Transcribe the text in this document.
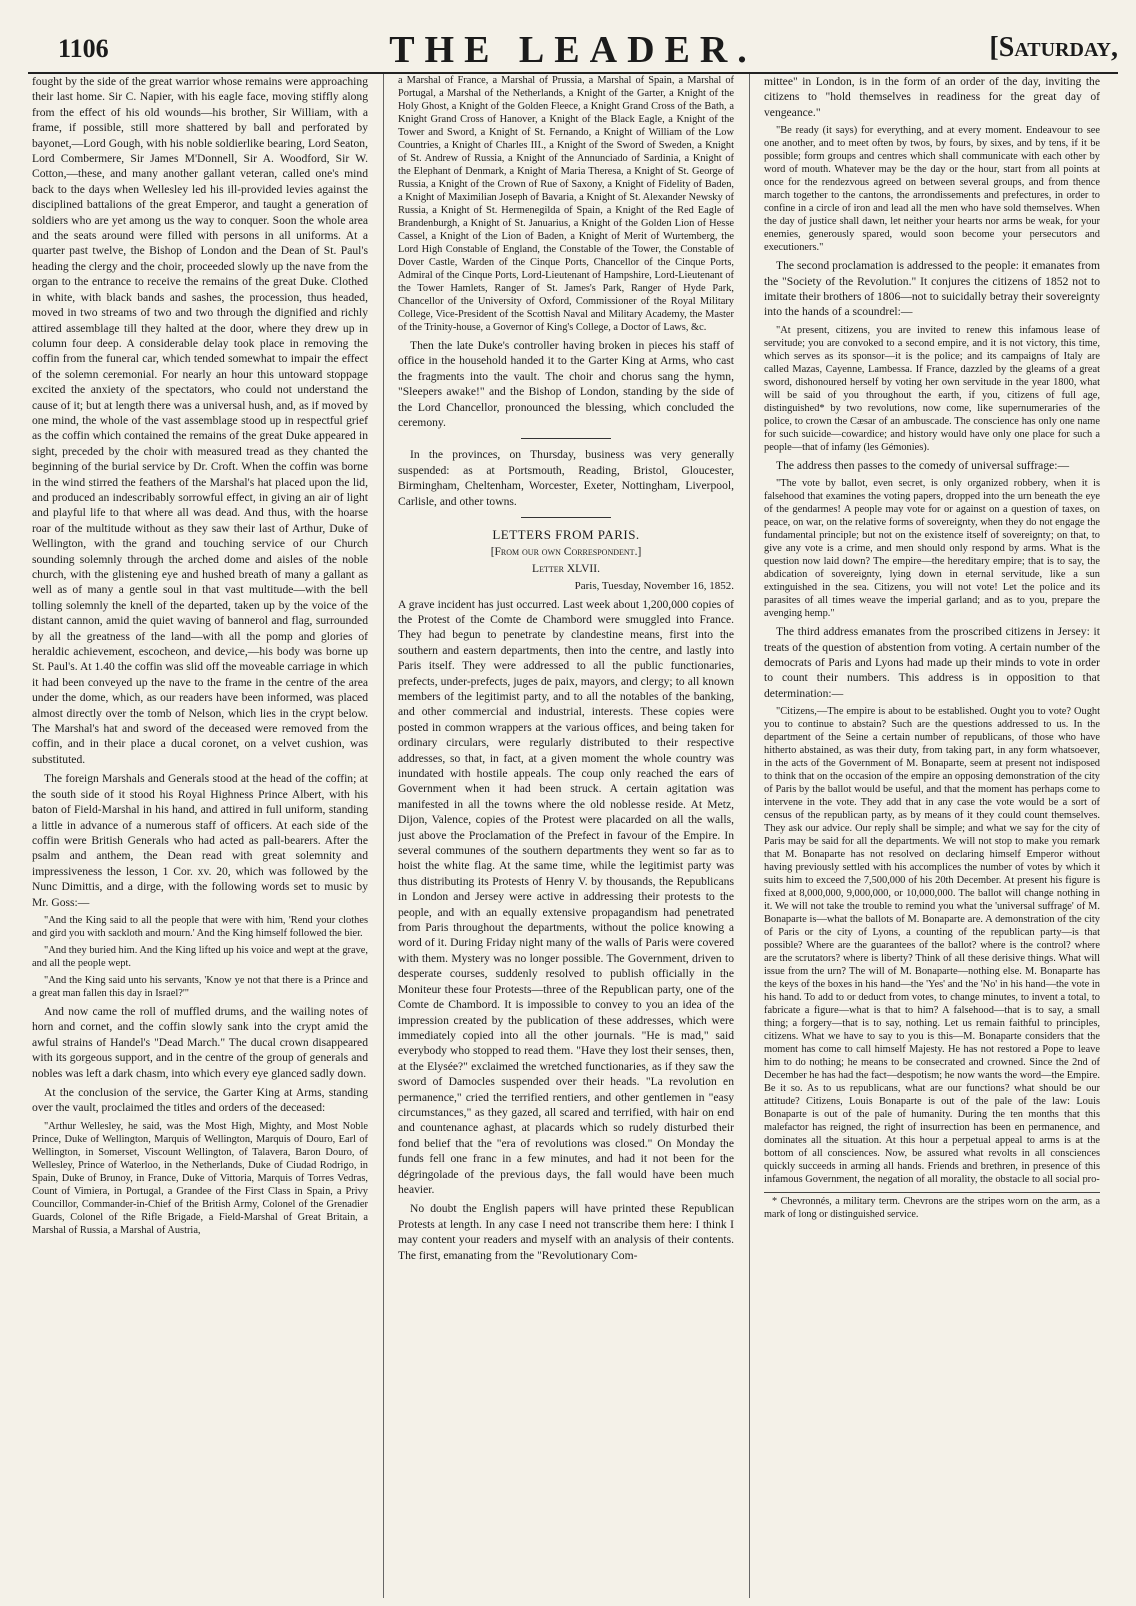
1106	THE LEADER.	[Saturday,

fought by the side of the great warrior whose remains were approaching their last home. Sir C. Napier, with his eagle face, moving stiffly along from the effect of his old wounds—his brother, Sir William, with a frame, if possible, still more shattered by ball and perforated by bayonet,—Lord Gough, with his noble soldierlike bearing, Lord Seaton, Lord Combermere, Sir James M'Donnell, Sir A. Woodford, Sir W. Cotton,—these, and many another gallant veteran, called one's mind back to the days when Wellesley led his ill-provided levies against the disciplined battalions of the great Emperor, and taught a generation of soldiers who are yet among us the way to conquer. Soon the whole area and the seats around were filled with persons in all uniforms. At a quarter past twelve, the Bishop of London and the Dean of St. Paul's heading the clergy and the choir, proceeded slowly up the nave from the organ to the entrance to receive the remains of the great Duke. Clothed in white, with black bands and sashes, the procession, thus headed, moved in two streams of two and two through the dignified and richly attired assemblage till they halted at the door, where they drew up in column four deep. A considerable delay took place in removing the coffin from the funeral car, which tended somewhat to impair the effect of the solemn ceremonial. For nearly an hour this untoward stoppage excited the anxiety of the spectators, who could not understand the cause of it; but at length there was a universal hush, and, as if moved by one mind, the whole of the vast assemblage stood up in respectful grief as the coffin which contained the remains of the great Duke appeared in sight, preceded by the choir with measured tread as they chanted the beginning of the burial service by Dr. Croft. When the coffin was borne in the wind stirred the feathers of the Marshal's hat placed upon the lid, and produced an indescribably sorrowful effect, in giving an air of light and playful life to that where all was dead. And thus, with the hoarse roar of the multitude without as they saw their last of Arthur, Duke of Wellington, with the grand and touching service of our Church sounding solemnly through the arched dome and aisles of the noble church, with the glistening eye and hushed breath of many a gallant as well as of many a gentle soul in that vast multitude—with the bell tolling solemnly the knell of the departed, taken up by the voice of the distant cannon, amid the quiet waving of bannerol and flag, surrounded by all the greatness of the land—with all the pomp and glories of heraldic achievement, escocheon, and device,—his body was borne up St. Paul's. At 1.40 the coffin was slid off the moveable carriage in which it had been conveyed up the nave to the frame in the centre of the area under the dome, which, as our readers have been informed, was placed almost directly over the tomb of Nelson, which lies in the crypt below. The Marshal's hat and sword of the deceased were removed from the coffin, and in their place a ducal coronet, on a velvet cushion, was substituted.

The foreign Marshals and Generals stood at the head of the coffin; at the south side of it stood his Royal Highness Prince Albert, with his baton of Field-Marshal in his hand, and attired in full uniform, standing a little in advance of a numerous staff of officers. At each side of the coffin were British Generals who had acted as pall-bearers. After the psalm and anthem, the Dean read with great solemnity and impressiveness the lesson, 1 Cor. xv. 20, which was followed by the Nunc Dimittis, and a dirge, with the following words set to music by Mr. Goss:—

"And the King said to all the people that were with him, 'Rend your clothes and gird you with sackloth and mourn.' And the King himself followed the bier.

"And they buried him. And the King lifted up his voice and wept at the grave, and all the people wept.

"And the King said unto his servants, 'Know ye not that there is a Prince and a great man fallen this day in Israel?'"

And now came the roll of muffled drums, and the wailing notes of horn and cornet, and the coffin slowly sank into the crypt amid the awful strains of Handel's "Dead March." The ducal crown disappeared with its gorgeous support, and in the centre of the group of generals and nobles was left a dark chasm, into which every eye glanced sadly down.

At the conclusion of the service, the Garter King at Arms, standing over the vault, proclaimed the titles and orders of the deceased:

"Arthur Wellesley, he said, was the Most High, Mighty, and Most Noble Prince, Duke of Wellington, Marquis of Wellington, Marquis of Douro, Earl of Wellington, in Somerset, Viscount Wellington, of Talavera, Baron Douro, of Wellesley, Prince of Waterloo, in the Netherlands, Duke of Ciudad Rodrigo, in Spain, Duke of Brunoy, in France, Duke of Vittoria, Marquis of Torres Vedras, Count of Vimiera, in Portugal, a Grandee of the First Class in Spain, a Privy Councillor, Commander-in-Chief of the British Army, Colonel of the Grenadier Guards, Colonel of the Rifle Brigade, a Field-Marshal of Great Britain, a Marshal of Russia, a Marshal of Austria,

a Marshal of France, a Marshal of Prussia, a Marshal of Spain, a Marshal of Portugal, a Marshal of the Netherlands, a Knight of the Garter, a Knight of the Holy Ghost, a Knight of the Golden Fleece, a Knight Grand Cross of the Bath, a Knight Grand Cross of Hanover, a Knight of the Black Eagle, a Knight of the Tower and Sword, a Knight of St. Fernando, a Knight of William of the Low Countries, a Knight of Charles III., a Knight of the Sword of Sweden, a Knight of St. Andrew of Russia, a Knight of the Annunciado of Sardinia, a Knight of the Elephant of Denmark, a Knight of Maria Theresa, a Knight of St. George of Russia, a Knight of the Crown of Rue of Saxony, a Knight of Fidelity of Baden, a Knight of Maximilian Joseph of Bavaria, a Knight of St. Alexander Newsky of Russia, a Knight of St. Hermenegilda of Spain, a Knight of the Red Eagle of Brandenburgh, a Knight of St. Januarius, a Knight of the Golden Lion of Hesse Cassel, a Knight of the Lion of Baden, a Knight of Merit of Wurtemberg, the Lord High Constable of England, the Constable of the Tower, the Constable of Dover Castle, Warden of the Cinque Ports, Chancellor of the Cinque Ports, Admiral of the Cinque Ports, Lord-Lieutenant of Hampshire, Lord-Lieutenant of the Tower Hamlets, Ranger of St. James's Park, Ranger of Hyde Park, Chancellor of the University of Oxford, Commissioner of the Royal Military College, Vice-President of the Scottish Naval and Military Academy, the Master of the Trinity-house, a Governor of King's College, a Doctor of Laws, &c.

Then the late Duke's controller having broken in pieces his staff of office in the household handed it to the Garter King at Arms, who cast the fragments into the vault. The choir and chorus sang the hymn, "Sleepers awake!" and the Bishop of London, standing by the side of the Lord Chancellor, pronounced the blessing, which concluded the ceremony.

In the provinces, on Thursday, business was very generally suspended: as at Portsmouth, Reading, Bristol, Gloucester, Birmingham, Cheltenham, Worcester, Exeter, Nottingham, Liverpool, Carlisle, and other towns.

LETTERS FROM PARIS.
[From our own Correspondent.]
Letter XLVII.
Paris, Tuesday, November 16, 1852.

A grave incident has just occurred. Last week about 1,200,000 copies of the Protest of the Comte de Chambord were smuggled into France. They had begun to penetrate by clandestine means, first into the southern and eastern departments, then into the centre, and lastly into Paris itself. They were addressed to all the public functionaries, prefects, under-prefects, juges de paix, mayors, and clergy; to all known members of the legitimist party, and to all the notables of the banking, and other commercial and industrial, interests. These copies were posted in common wrappers at the various offices, and being taken for ordinary circulars, were regularly distributed to their respective addresses, so that, in fact, at a given moment the whole country was inundated with hostile appeals. The coup only reached the ears of Government when it had been struck. A certain agitation was manifested in all the towns where the old noblesse reside. At Metz, Dijon, Valence, copies of the Protest were placarded on all the walls, just above the Proclamation of the Prefect in favour of the Empire. In several communes of the southern departments they went so far as to hoist the white flag. At the same time, while the legitimist party was thus distributing its Protests of Henry V. by thousands, the Republicans in London and Jersey were active in addressing their protests to the people, and with an equally extensive propagandism had penetrated from Paris throughout the departments, without the police knowing a word of it. During Friday night many of the walls of Paris were covered with them. Mystery was no longer possible. The Government, driven to desperate courses, suddenly resolved to publish officially in the Moniteur these four Protests—three of the Republican party, one of the Comte de Chambord. It is impossible to convey to you an idea of the impression created by the publication of these addresses, which were immediately copied into all the other journals. "He is mad," said everybody who stopped to read them. "Have they lost their senses, then, at the Elysée?" exclaimed the wretched functionaries, as if they saw the sword of Damocles suspended over their heads. "La revolution en permanence," cried the terrified rentiers, and other gentlemen in "easy circumstances," as they gazed, all scared and terrified, with hair on end and countenance aghast, at placards which so rudely disturbed their fond belief that the "era of revolutions was closed." On Monday the funds fell one franc in a few minutes, and had it not been for the dégringolade of the previous days, the fall would have been much heavier.

No doubt the English papers will have printed these Republican Protests at length. In any case I need not transcribe them here: I think I may content your readers and myself with an analysis of their contents. The first, emanating from the "Revolutionary Com-

mittee" in London, is in the form of an order of the day, inviting the citizens to "hold themselves in readiness for the great day of vengeance."

"Be ready (it says) for everything, and at every moment. Endeavour to see one another, and to meet often by twos, by fours, by sixes, and by tens, if it be possible; form groups and centres which shall communicate with each other by word of mouth. Whatever may be the day or the hour, start from all points at once for the rendezvous agreed on between several groups, and from thence march together to the cantons, the arrondissements and prefectures, in order to confine in a circle of iron and lead all the men who have sold themselves. When the day of justice shall dawn, let neither your hearts nor arms be weak, for your enemies, generously spared, would soon become your persecutors and executioners."

The second proclamation is addressed to the people: it emanates from the "Society of the Revolution." It conjures the citizens of 1852 not to imitate their brothers of 1806—not to suicidally betray their sovereignty into the hands of a scoundrel:—

"At present, citizens, you are invited to renew this infamous lease of servitude; you are convoked to a second empire, and it is not victory, this time, which serves as its sponsor—it is the police; and its campaigns of Italy are called Mazas, Cayenne, Lambessa. If France, dazzled by the gleams of a great sword, dishonoured herself by voting her own servitude in the year 1800, what will be said of you throughout the earth, if you, citizens of full age, distinguished* by two revolutions, now come, like supernumeraries of the police, to crown the Cæsar of an ambuscade. The conscience has only one name for such suicide—cowardice; and history would have only one place for such a people—that of infamy (les Gémonies).

The address then passes to the comedy of universal suffrage:—

"The vote by ballot, even secret, is only organized robbery, when it is falsehood that examines the voting papers, dropped into the urn beneath the eye of the gendarmes! A people may vote for or against on a question of taxes, on peace, on war, on the relative forms of sovereignty, when they do not engage the fundamental principle; but not on the existence itself of sovereignty; on that, to give any vote is a crime, and men should only respond by arms. What is the question now laid down? The empire—the hereditary empire; that is to say, the abdication of sovereignty, lying down in eternal servitude, like a sun extinguished in the sea. Citizens, you will not vote! Let the police and its parasites of all times weave the imperial garland; and as to you, prepare the avenging hemp."

The third address emanates from the proscribed citizens in Jersey: it treats of the question of abstention from voting. A certain number of the democrats of Paris and Lyons had made up their minds to vote in order to count their numbers. This address is in opposition to that determination:—

"Citizens,—The empire is about to be established. Ought you to vote? Ought you to continue to abstain? Such are the questions addressed to us. In the department of the Seine a certain number of republicans, of those who have hitherto abstained, as was their duty, from taking part, in any form whatsoever, in the acts of the Government of M. Bonaparte, seem at present not indisposed to think that on the occasion of the empire an opposing demonstration of the city of Paris by the ballot would be useful, and that the moment has perhaps come to intervene in the vote. They add that in any case the vote would be a sort of census of the republican party, as by means of it they could count themselves. They ask our advice. Our reply shall be simple; and what we say for the city of Paris may be said for all the departments. We will not stop to make you remark that M. Bonaparte has not resolved on declaring himself Emperor without having previously settled with his accomplices the number of votes by which it suits him to exceed the 7,500,000 of his 20th December. At present his figure is fixed at 8,000,000, 9,000,000, or 10,000,000. The ballot will change nothing in it. We will not take the trouble to remind you what the 'universal suffrage' of M. Bonaparte is—what the ballots of M. Bonaparte are. A demonstration of the city of Paris or the city of Lyons, a counting of the republican party—is that possible? Where are the guarantees of the ballot? where is the control? where are the scrutators? where is liberty? Think of all these derisive things. What will issue from the urn? The will of M. Bonaparte—nothing else. M. Bonaparte has the keys of the boxes in his hand—the 'Yes' and the 'No' in his hand—the vote in his hand. To add to or deduct from votes, to change minutes, to invent a total, to fabricate a figure—what is that to him? A falsehood—that is to say, a small thing; a forgery—that is to say, nothing. Let us remain faithful to principles, citizens. What we have to say to you is this—M. Bonaparte considers that the moment has come to call himself Majesty. He has not restored a Pope to leave him to do nothing; he means to be consecrated and crowned. Since the 2nd of December he has had the fact—despotism; he now wants the word—the Empire. Be it so. As to us republicans, what are our functions? what should be our attitude? Citizens, Louis Bonaparte is out of the pale of the law: Louis Bonaparte is out of the pale of humanity. During the ten months that this malefactor has reigned, the right of insurrection has been en permanence, and dominates all the situation. At this hour a perpetual appeal to arms is at the bottom of all consciences. Now, be assured what revolts in all consciences quickly succeeds in arming all hands. Friends and brethren, in presence of this infamous Government, the negation of all morality, the obstacle to all social pro-

* Chevronnés, a military term. Chevrons are the stripes worn on the arm, as a mark of long or distinguished service.
